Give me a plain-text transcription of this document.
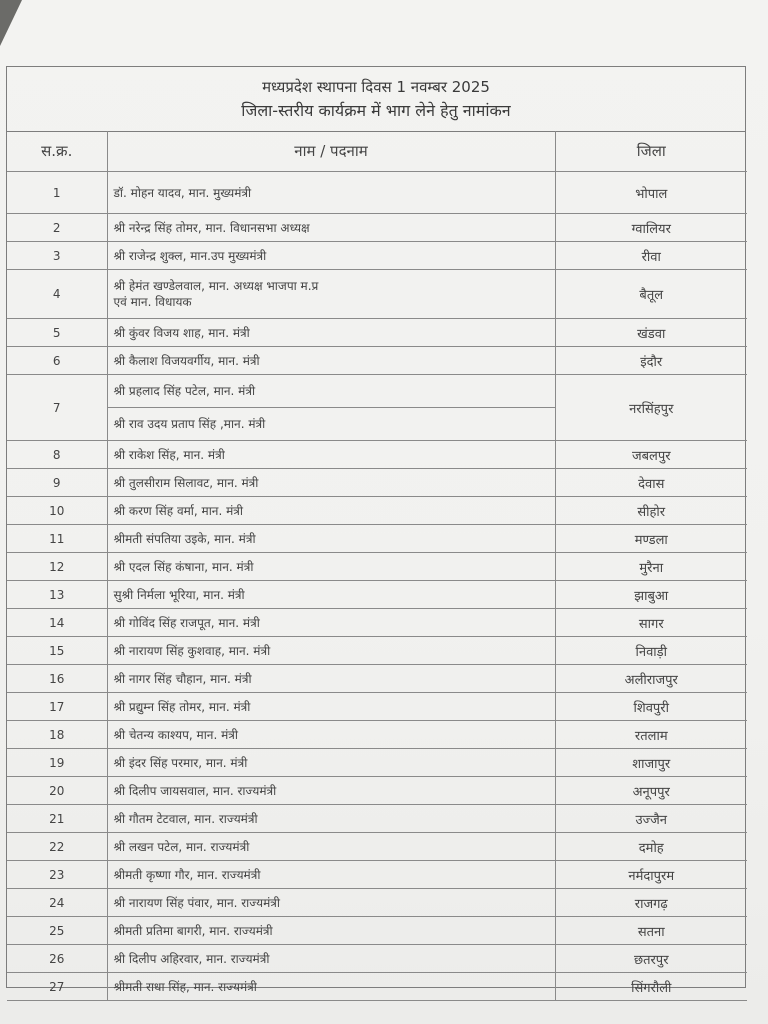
मध्यप्रदेश स्थापना दिवस 1 नवम्बर 2025
जिला-स्तरीय कार्यक्रम में भाग लेने हेतु नामांकन
स.क्र.	नाम / पदनाम	जिला
1	डॉ. मोहन यादव, मान. मुख्यमंत्री	भोपाल
2	श्री नरेन्द्र सिंह तोमर, मान. विधानसभा अध्यक्ष	ग्वालियर
3	श्री राजेन्द्र शुक्ल, मान.उप मुख्यमंत्री	रीवा
4	श्री हेमंत खण्डेलवाल, मान. अध्यक्ष भाजपा म.प्र
एवं मान. विधायक	बैतूल
5	श्री कुंवर विजय शाह, मान. मंत्री	खंडवा
6	श्री कैलाश विजयवर्गीय, मान. मंत्री	इंदौर
7	श्री प्रहलाद सिंह पटेल, मान. मंत्री	नरसिंहपुर
	श्री राव उदय प्रताप सिंह ,मान. मंत्री	
8	श्री राकेश सिंह, मान. मंत्री	जबलपुर
9	श्री तुलसीराम सिलावट, मान. मंत्री	देवास
10	श्री करण सिंह वर्मा, मान. मंत्री	सीहोर
11	श्रीमती संपतिया उइके, मान. मंत्री	मण्डला
12	श्री एदल सिंह कंषाना, मान. मंत्री	मुरैना
13	सुश्री निर्मला भूरिया, मान. मंत्री	झाबुआ
14	श्री गोविंद सिंह राजपूत, मान. मंत्री	सागर
15	श्री नारायण सिंह कुशवाह, मान. मंत्री	निवाड़ी
16	श्री नागर सिंह चौहान, मान. मंत्री	अलीराजपुर
17	श्री प्रद्युम्न सिंह तोमर, मान. मंत्री	शिवपुरी
18	श्री चेतन्य काश्यप, मान. मंत्री	रतलाम
19	श्री इंदर सिंह परमार, मान. मंत्री	शाजापुर
20	श्री दिलीप जायसवाल, मान. राज्यमंत्री	अनूपपुर
21	श्री गौतम टेटवाल, मान. राज्यमंत्री	उज्जैन
22	श्री लखन पटेल, मान. राज्यमंत्री	दमोह
23	श्रीमती कृष्णा गौर, मान. राज्यमंत्री	नर्मदापुरम
24	श्री नारायण सिंह पंवार, मान. राज्यमंत्री	राजगढ़
25	श्रीमती प्रतिमा बागरी, मान. राज्यमंत्री	सतना
26	श्री दिलीप अहिरवार, मान. राज्यमंत्री	छतरपुर
27	श्रीमती राधा सिंह, मान. राज्यमंत्री	सिंगरौली
